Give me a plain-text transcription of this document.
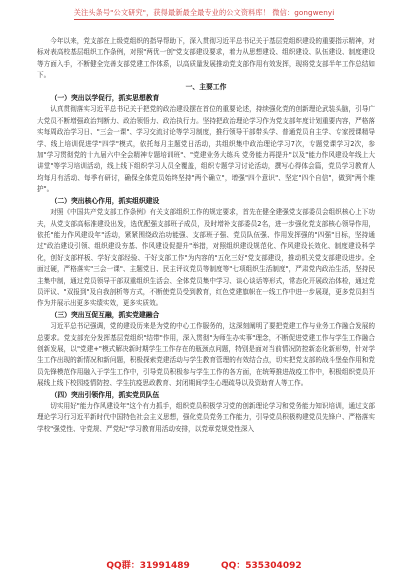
关注头条号"公文研究"，获得最新最全最专业的公文资料库！ 微信：gongwenyi

今年以来，党支部在上级党组织的指导帮助下，深入贯彻习近平总书记关于基层党组织建设的重要指示精神，对标对表高校基层组织工作条例，对照"两优一创"党支部建设要求，着力从思想建设、组织建设、队伍建设、制度建设等方面入手，不断健全完善支部党建工作体系，以高质量发展推动党支部作用有效发挥，现将党支部半年工作总结如下。

一、主要工作
（一）突出以学促行，抓实思想教育

认真贯彻落实习近平总书记关于把党的政治建设摆在首位的重要论述，持续强化党的创新理论武装头脑，引导广大党员不断增强政治判断力、政治领悟力、政治执行力。坚持把政治理论学习作为党支部年度计划重要内容，严格落实每周政治学习日、"三会一课"、学习交流讨论等学习制度，推行领导干部带头学、普通党员自主学、专家授课精导学、线上培训促进学"四学"模式，依托每月主题党日活动，共组织集中政治理论学习7次，专题党课学习2次，参加"学习贯彻党的十九届六中全会精神专题培训班"、"党建业务大练兵 党务能力再提升"以及"能力作风建设年线上大讲堂"等学习培训活动，线上线下组织学习人员全覆盖，组织专题学习讨论活动，撰写心得体会篇，党员学习教育人均每月有活动、每季有研讨，确保全体党员始终坚持"两个确立"，增强"四个意识"、坚定"四个自信"，做到"两个维护"。

（二）突出核心作用，抓实组织建设

对照《中国共产党支部工作条例》有关支部组织工作的规定要求，首先在健全建强党支部委员会组织核心上下功夫，从党支部高标准建设出发，选优配强支部班子成员，及时增补支部委员2名，进一步强化党支部核心领导作用，依托"能力作风建设年"活动，紧紧围绕政治功能强、支部班子强、党员队伍强、作用发挥强的"四强"目标，坚持通过"政治建设引领、组织建设夯基、作风建设促提升"举措，对照组织建设规范化、作风建设长效化、制度建设科学化，创好支部样板、学好支部经验、干好支部工作"为内容的"五化三好"党支部建设，推动机关党支部建设进步。全面过硬，严格落实"三会一课"、主题党日、民主评议党员等制度等"七项组织生活制度"，严肃党内政治生活，坚持民主集中制，通过党员领导干部双重组织生活会、全体党员集中学习、谈心谈话等形式，常态化开展政治体检，通过党员评议、"双报到"及自我剖析等方式，不断使党员受到教育，红色党建旗帜在一线工作中进一步展现，更多党员担当作为并展示出更多实绩实效，更多实质效。

（三）突出互促互融，抓实党建融合

习近平总书记强调，党的建设历来是为党的中心工作服务的，这深刻阐明了要把党建工作与业务工作融合发展的总要求。党支部充分发挥基层党组织"结带"作用，深入贯彻"为师生办实事"理念，不断促进党建工作与学生工作融合创新发展，以"党建+"模式解决新时期学生工作存在的瓶颈点问题，特别是面对当前情况防控新态化新形势，针对学生工作出现的新情况和新问题，积极探索党建活动与学生教育管理的有效结合点，切实把党支部的战斗堡垒作用和党员先锋模范作用融入于学生工作中，引导党员积极参与学生工作的各方面，在统筹推进战疫工作中，积极组织党员开展线上线下校园疫情防控、学生抗疫思政教育、封闭期间学生心理疏导以及资助育人等工作。

（四）突出引领作用，抓实党员队伍

切实用好"能力作风建设年"这个有力抓手，组织党员积极学习党的创新理论学习和党务能力知识培训，通过支部理论学习行习近平新时代中国特色社会主义思想，强化党员党务工作能力，引导党员积极构建党员先锋户、严格落实学校"强党性、守党规、严党纪"学习教育用活动安排，以党章党规党性深入

QQ群：31991489	QQ：535304092
